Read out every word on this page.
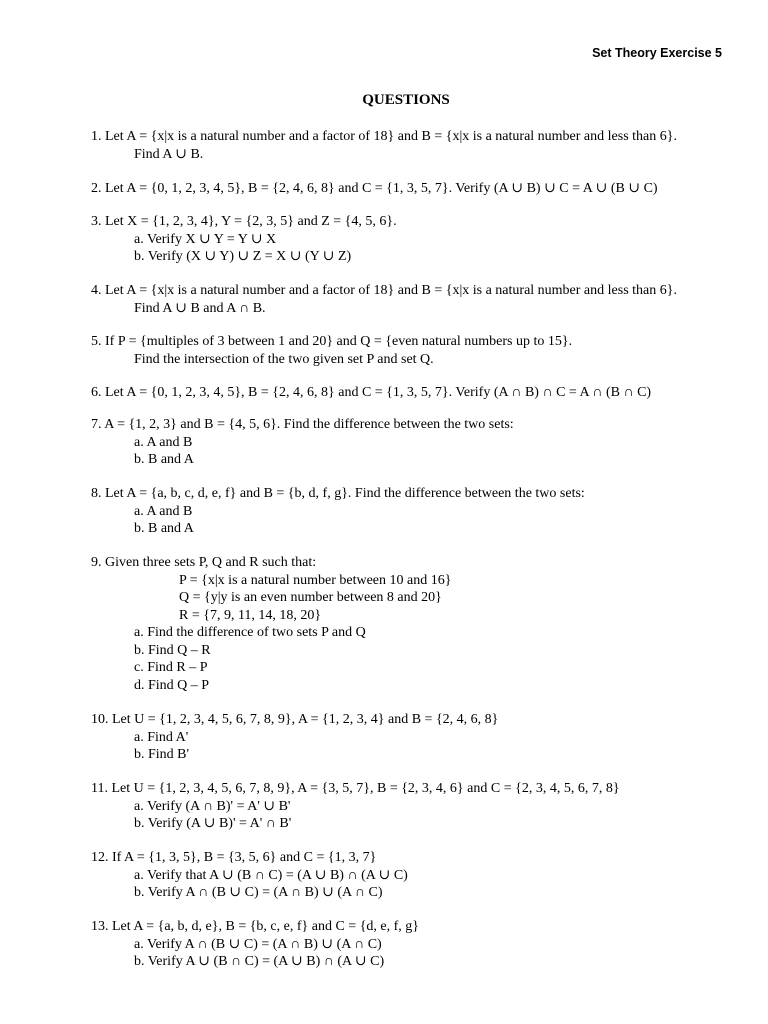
Set Theory Exercise 5
QUESTIONS
1. Let A = {x|x is a natural number and a factor of 18} and B = {x|x is a natural number and less than 6}.
Find A ∪ B.
2. Let A = {0, 1, 2, 3, 4, 5}, B = {2, 4, 6, 8} and C = {1, 3, 5, 7}. Verify (A ∪ B) ∪ C = A ∪ (B ∪ C)
3. Let X = {1, 2, 3, 4}, Y = {2, 3, 5} and Z = {4, 5, 6}.
a. Verify X ∪ Y = Y ∪ X
b. Verify (X ∪ Y) ∪ Z = X ∪ (Y ∪ Z)
4. Let A = {x|x is a natural number and a factor of 18} and B = {x|x is a natural number and less than 6}.
Find A ∪ B and A ∩ B.
5. If P = {multiples of 3 between 1 and 20} and Q = {even natural numbers up to 15}.
Find the intersection of the two given set P and set Q.
6. Let A = {0, 1, 2, 3, 4, 5}, B = {2, 4, 6, 8} and C = {1, 3, 5, 7}. Verify (A ∩ B) ∩ C = A ∩ (B ∩ C)
7. A = {1, 2, 3} and B = {4, 5, 6}. Find the difference between the two sets:
a. A and B
b. B and A
8. Let A = {a, b, c, d, e, f} and B = {b, d, f, g}. Find the difference between the two sets:
a. A and B
b. B and A
9. Given three sets P, Q and R such that:
P = {x|x is a natural number between 10 and 16}
Q = {y|y is an even number between 8 and 20}
R = {7, 9, 11, 14, 18, 20}
a. Find the difference of two sets P and Q
b. Find Q – R
c. Find R – P
d. Find Q – P
10. Let U = {1, 2, 3, 4, 5, 6, 7, 8, 9}, A = {1, 2, 3, 4} and B = {2, 4, 6, 8}
a. Find A'
b. Find B'
11. Let U = {1, 2, 3, 4, 5, 6, 7, 8, 9}, A = {3, 5, 7}, B = {2, 3, 4, 6} and C = {2, 3, 4, 5, 6, 7, 8}
a. Verify (A ∩ B)' = A' ∪ B'
b. Verify (A ∪ B)' = A' ∩ B'
12. If A = {1, 3, 5}, B = {3, 5, 6} and C = {1, 3, 7}
a. Verify that A ∪ (B ∩ C) = (A ∪ B) ∩ (A ∪ C)
b. Verify A ∩ (B ∪ C) = (A ∩ B) ∪ (A ∩ C)
13. Let A = {a, b, d, e}, B = {b, c, e, f} and C = {d, e, f, g}
a. Verify A ∩ (B ∪ C) = (A ∩ B) ∪ (A ∩ C)
b. Verify A ∪ (B ∩ C) = (A ∪ B) ∩ (A ∪ C)
